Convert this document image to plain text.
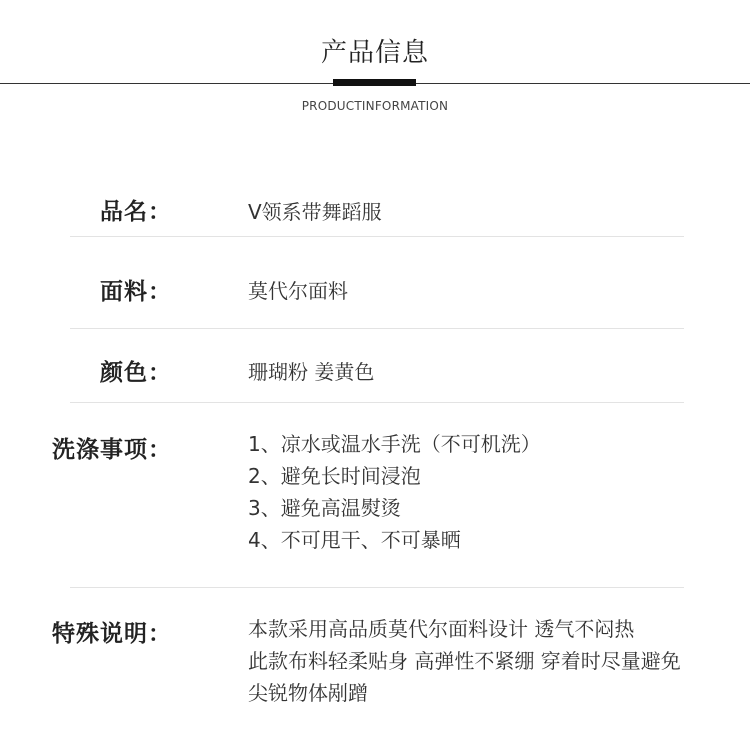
产品信息
PRODUCTINFORMATION
品名：	V领系带舞蹈服
面料：	莫代尔面料
颜色：	珊瑚粉 姜黄色
洗涤事项：	1、凉水或温水手洗（不可机洗）
2、避免长时间浸泡
3、避免高温熨烫
4、不可甩干、不可暴晒
特殊说明：	本款采用高品质莫代尔面料设计 透气不闷热
此款布料轻柔贴身 高弹性不紧绷 穿着时尽量避免
尖锐物体剐蹭
